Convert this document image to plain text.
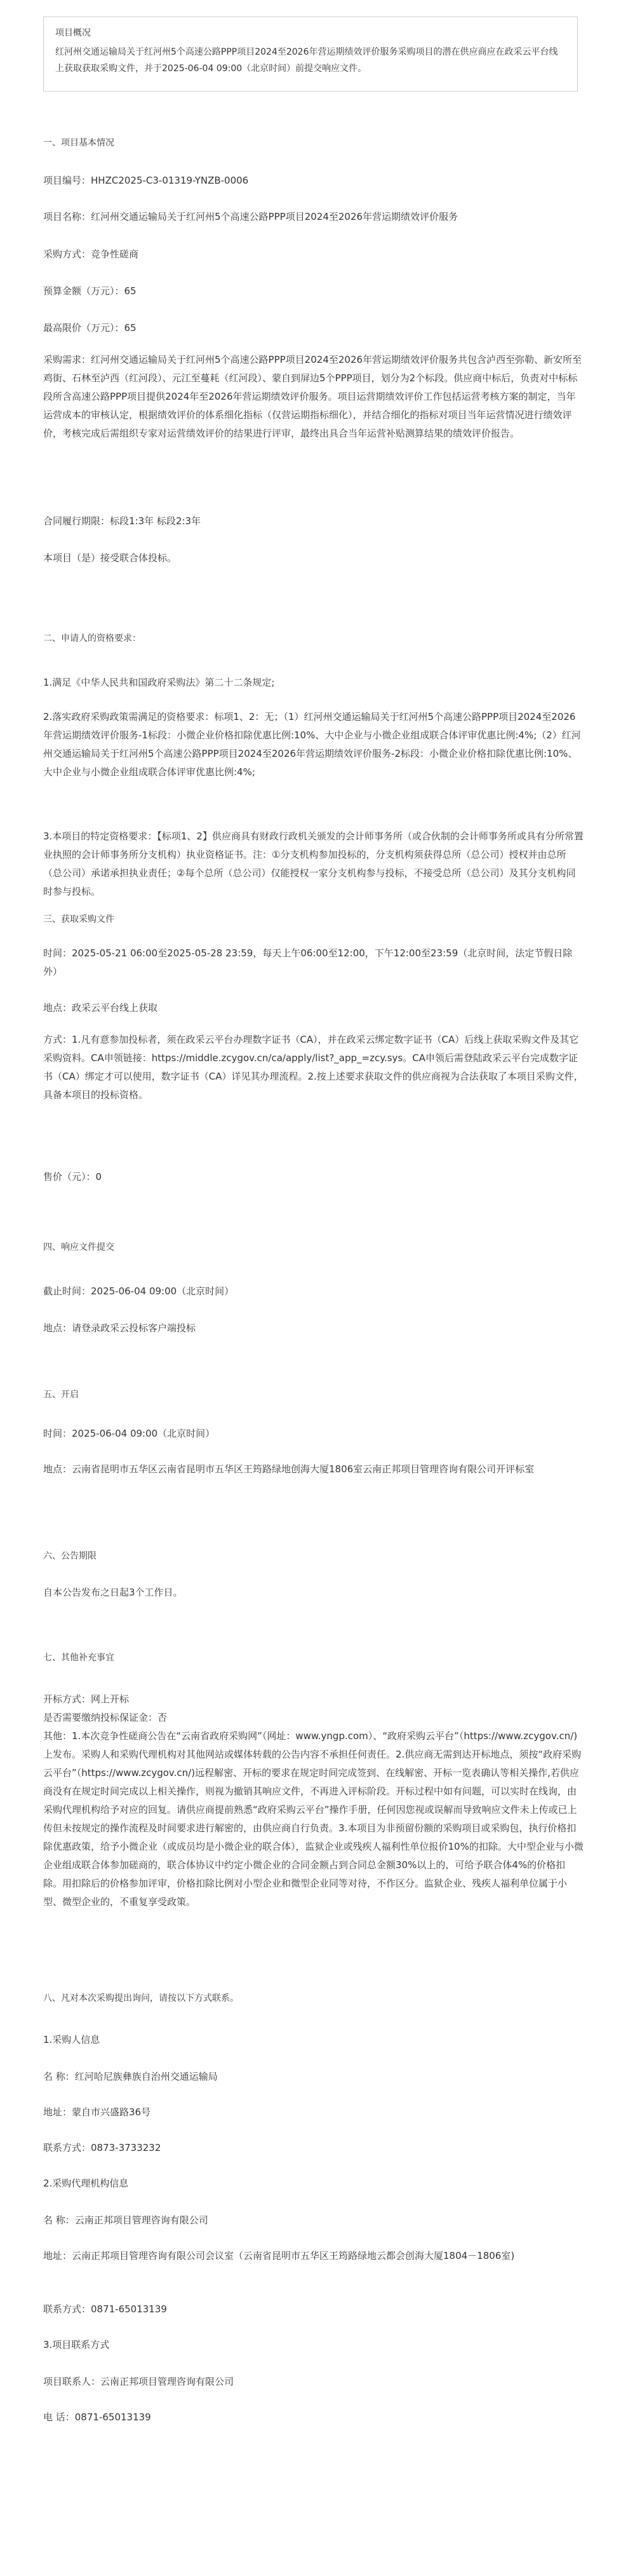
项目概况
红河州交通运输局关于红河州5个高速公路PPP项目2024至2026年营运期绩效评价服务采购项目的潜在供应商应在政采云平台线上获取获取采购文件，并于2025-06-04 09:00（北京时间）前提交响应文件。
一、项目基本情况

项目编号：HHZC2025-C3-01319-YNZB-0006

项目名称：红河州交通运输局关于红河州5个高速公路PPP项目2024至2026年营运期绩效评价服务

采购方式：竞争性磋商

预算金额（万元）：65

最高限价（万元）：65

采购需求：红河州交通运输局关于红河州5个高速公路PPP项目2024至2026年营运期绩效评价服务共包含泸西至弥勒、新安所至鸡街、石林至泸西（红河段）、元江至蔓耗（红河段）、蒙自到屏边5个PPP项目，划分为2个标段。供应商中标后，负责对中标标段所含高速公路PPP项目提供2024年至2026年营运期绩效评价服务。项目运营期绩效评价工作包括运营考核方案的制定，当年运营成本的审核认定，根据绩效评价的体系细化指标（仅营运期指标细化），并结合细化的指标对项目当年运营情况进行绩效评价，考核完成后需组织专家对运营绩效评价的结果进行评审，最终出具合当年运营补贴测算结果的绩效评价报告。

合同履行期限：标段1:3年 标段2:3年

本项目（是）接受联合体投标。

二、申请人的资格要求：

1.满足《中华人民共和国政府采购法》第二十二条规定;

2.落实政府采购政策需满足的资格要求：标项1、2：无；（1）红河州交通运输局关于红河州5个高速公路PPP项目2024至2026年营运期绩效评价服务-1标段：小微企业价格扣除优惠比例:10%、大中企业与小微企业组成联合体评审优惠比例:4%;（2）红河州交通运输局关于红河州5个高速公路PPP项目2024至2026年营运期绩效评价服务-2标段：小微企业价格扣除优惠比例:10%、大中企业与小微企业组成联合体评审优惠比例:4%;

3.本项目的特定资格要求：【标项1、2】供应商具有财政行政机关颁发的会计师事务所（或合伙制的会计师事务所或具有分所常置业执照的会计师事务所分支机构）执业资格证书。注：①分支机构参加投标的，分支机构须获得总所（总公司）授权并由总所（总公司）承诺承担执业责任；②每个总所（总公司）仅能授权一家分支机构参与投标，不接受总所（总公司）及其分支机构同时参与投标。

三、获取采购文件

时间：2025-05-21 06:00至2025-05-28 23:59，每天上午06:00至12:00，下午12:00至23:59（北京时间，法定节假日除外）

地点：政采云平台线上获取

方式：1.凡有意参加投标者，须在政采云平台办理数字证书（CA），并在政采云绑定数字证书（CA）后线上获取采购文件及其它采购资料。CA申领链接：https://middle.zcygov.cn/ca/apply/list?_app_=zcy.sys。CA申领后需登陆政采云平台完成数字证书（CA）绑定才可以使用，数字证书（CA）详见其办理流程。2.按上述要求获取文件的供应商视为合法获取了本项目采购文件，具备本项目的投标资格。

售价（元）：0

四、响应文件提交

截止时间：2025-06-04 09:00（北京时间）

地点：请登录政采云投标客户端投标

五、开启

时间：2025-06-04 09:00（北京时间）

地点：云南省昆明市五华区云南省昆明市五华区王筠路绿地创海大厦1806室云南正邦项目管理咨询有限公司开评标室

六、公告期限

自本公告发布之日起3个工作日。

七、其他补充事宜

开标方式：网上开标

是否需要缴纳投标保证金：否

其他：1.本次竞争性磋商公告在“云南省政府采购网”（网址：www.yngp.com）、“政府采购云平台”（https://www.zcygov.cn/)上发布。采购人和采购代理机构对其他网站或媒体转载的公告内容不承担任何责任。2.供应商无需到达开标地点，须按“政府采购云平台”（https://www.zcygov.cn/)远程解密、开标的要求在规定时间完成签到、在线解密、开标一览表确认等相关操作,若供应商没有在规定时间完成以上相关操作，则视为撤销其响应文件，不再进入评标阶段。开标过程中如有问题，可以实时在线询，由采购代理机构给予对应的回复。请供应商提前熟悉“政府采购云平台”操作手册，任何因您视或误解而导致响应文件未上传或已上传但未按规定的操作流程及时间要求进行解密的，由供应商自行负责。3.本项目为非预留份额的采购项目或采购包，执行价格扣除优惠政策，给予小微企业（或成员均是小微企业的联合体），监狱企业或残疾人福利性单位报价10%的扣除。大中型企业与小微企业组成联合体参加磋商的，联合体协议中约定小微企业的合同金额占到合同总金额30%以上的，可给予联合体4%的价格扣除。用扣除后的价格参加评审，价格扣除比例对小型企业和微型企业同等对待，不作区分。监狱企业、残疾人福利单位属于小型、微型企业的，不重复享受政策。

八、凡对本次采购提出询问，请按以下方式联系。

1.采购人信息

名 称：红河哈尼族彝族自治州交通运输局

地址：蒙自市兴盛路36号

联系方式：0873-3733232

2.采购代理机构信息

名 称：云南正邦项目管理咨询有限公司

地址：云南正邦项目管理咨询有限公司会议室（云南省昆明市五华区王筠路绿地云都会创海大厦1804－1806室)

联系方式：0871-65013139

3.项目联系方式

项目联系人：云南正邦项目管理咨询有限公司

电 话：0871-65013139
